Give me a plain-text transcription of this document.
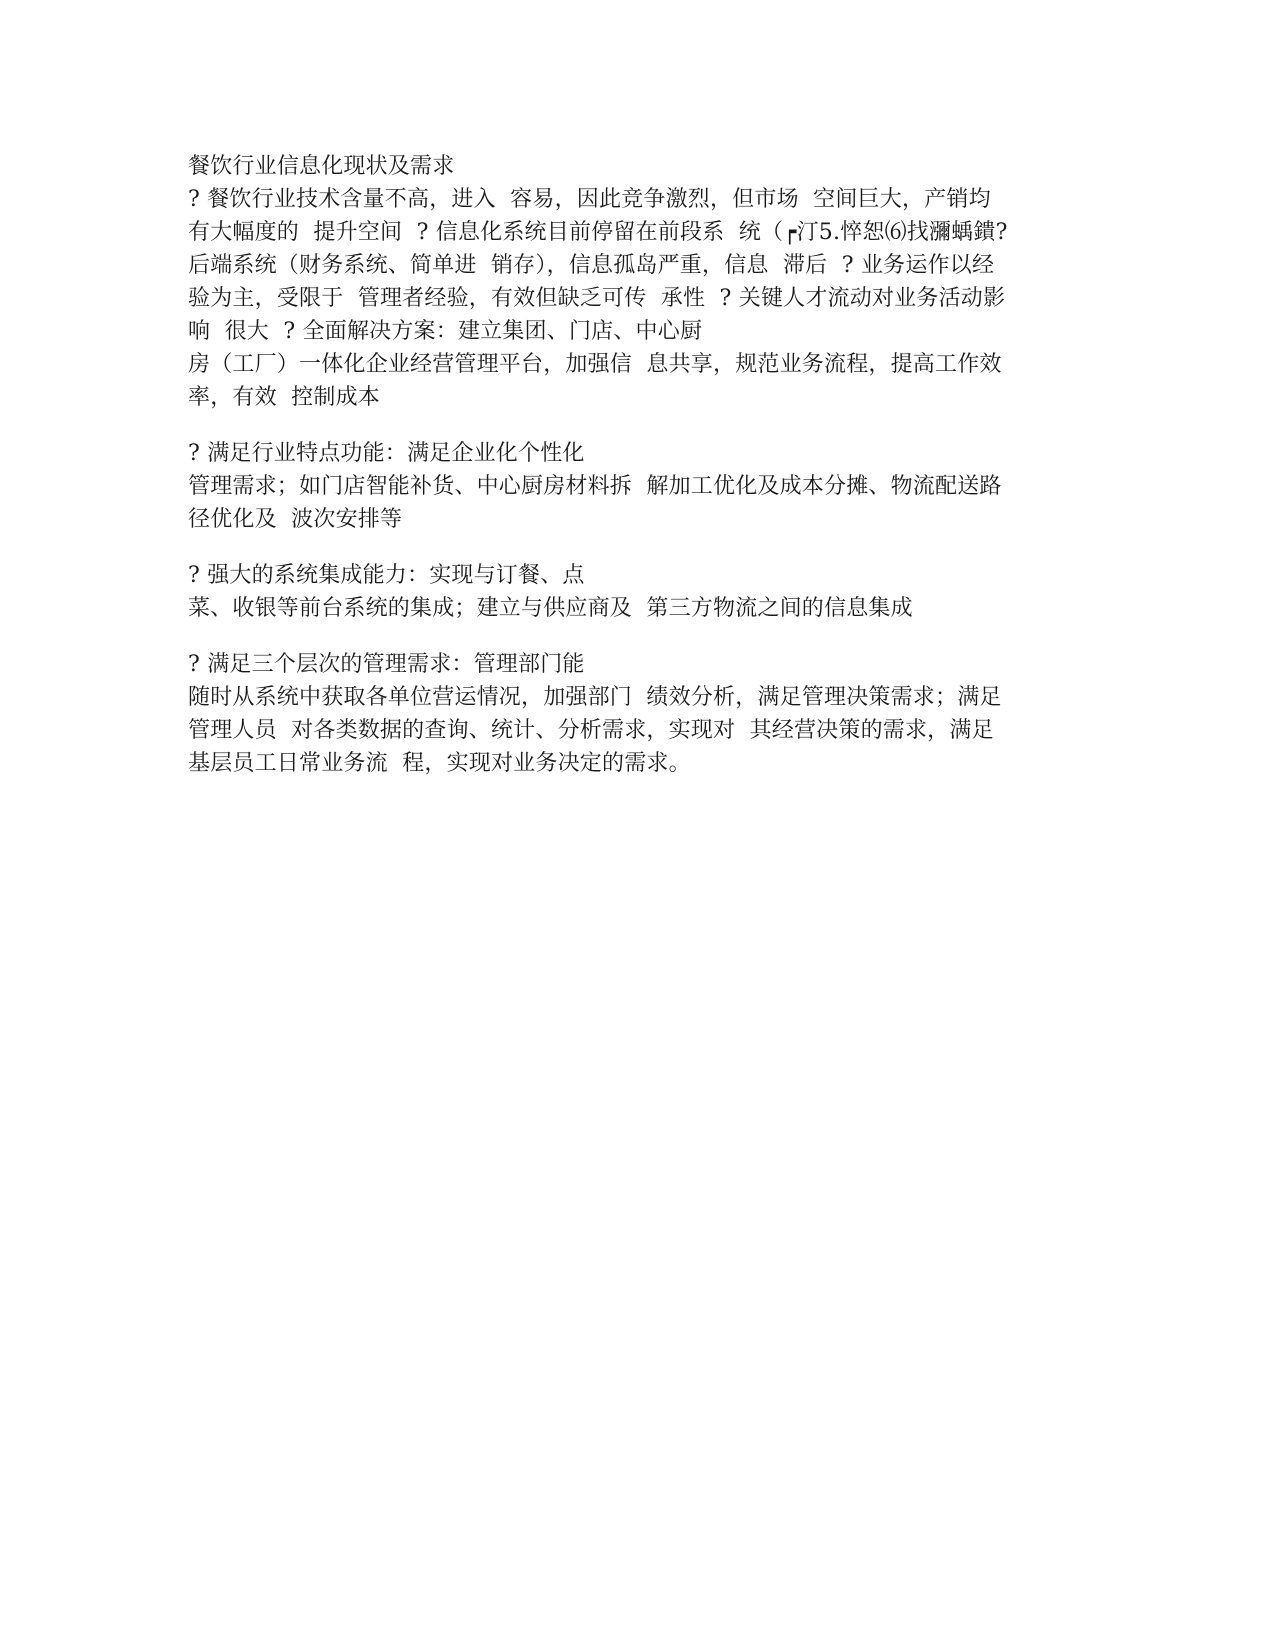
餐饮行业信息化现状及需求
? 餐饮行业技术含量不高，进入  容易，因此竞争激烈，但市场  空间巨大，产销均
有大幅度的  提升空间  ? 信息化系统目前停留在前段系  统（┍汀5.悴恕⑹找瀰蝺鐀?
后端系统（财务系统、简单进  销存），信息孤岛严重，信息  滞后  ? 业务运作以经
验为主，受限于  管理者经验，有效但缺乏可传  承性  ? 关键人才流动对业务活动影
响  很大  ? 全面解决方案：建立集团、门店、中心厨
房（工厂）一体化企业经营管理平台，加强信  息共享，规范业务流程，提高工作效
率，有效  控制成本
? 满足行业特点功能：满足企业化个性化
管理需求；如门店智能补货、中心厨房材料拆  解加工优化及成本分摊、物流配送路
径优化及  波次安排等
? 强大的系统集成能力：实现与订餐、点
菜、收银等前台系统的集成；建立与供应商及  第三方物流之间的信息集成
? 满足三个层次的管理需求：管理部门能
随时从系统中获取各单位营运情况，加强部门  绩效分析，满足管理决策需求；满足
管理人员  对各类数据的查询、统计、分析需求，实现对  其经营决策的需求，满足
基层员工日常业务流  程，实现对业务决定的需求。
